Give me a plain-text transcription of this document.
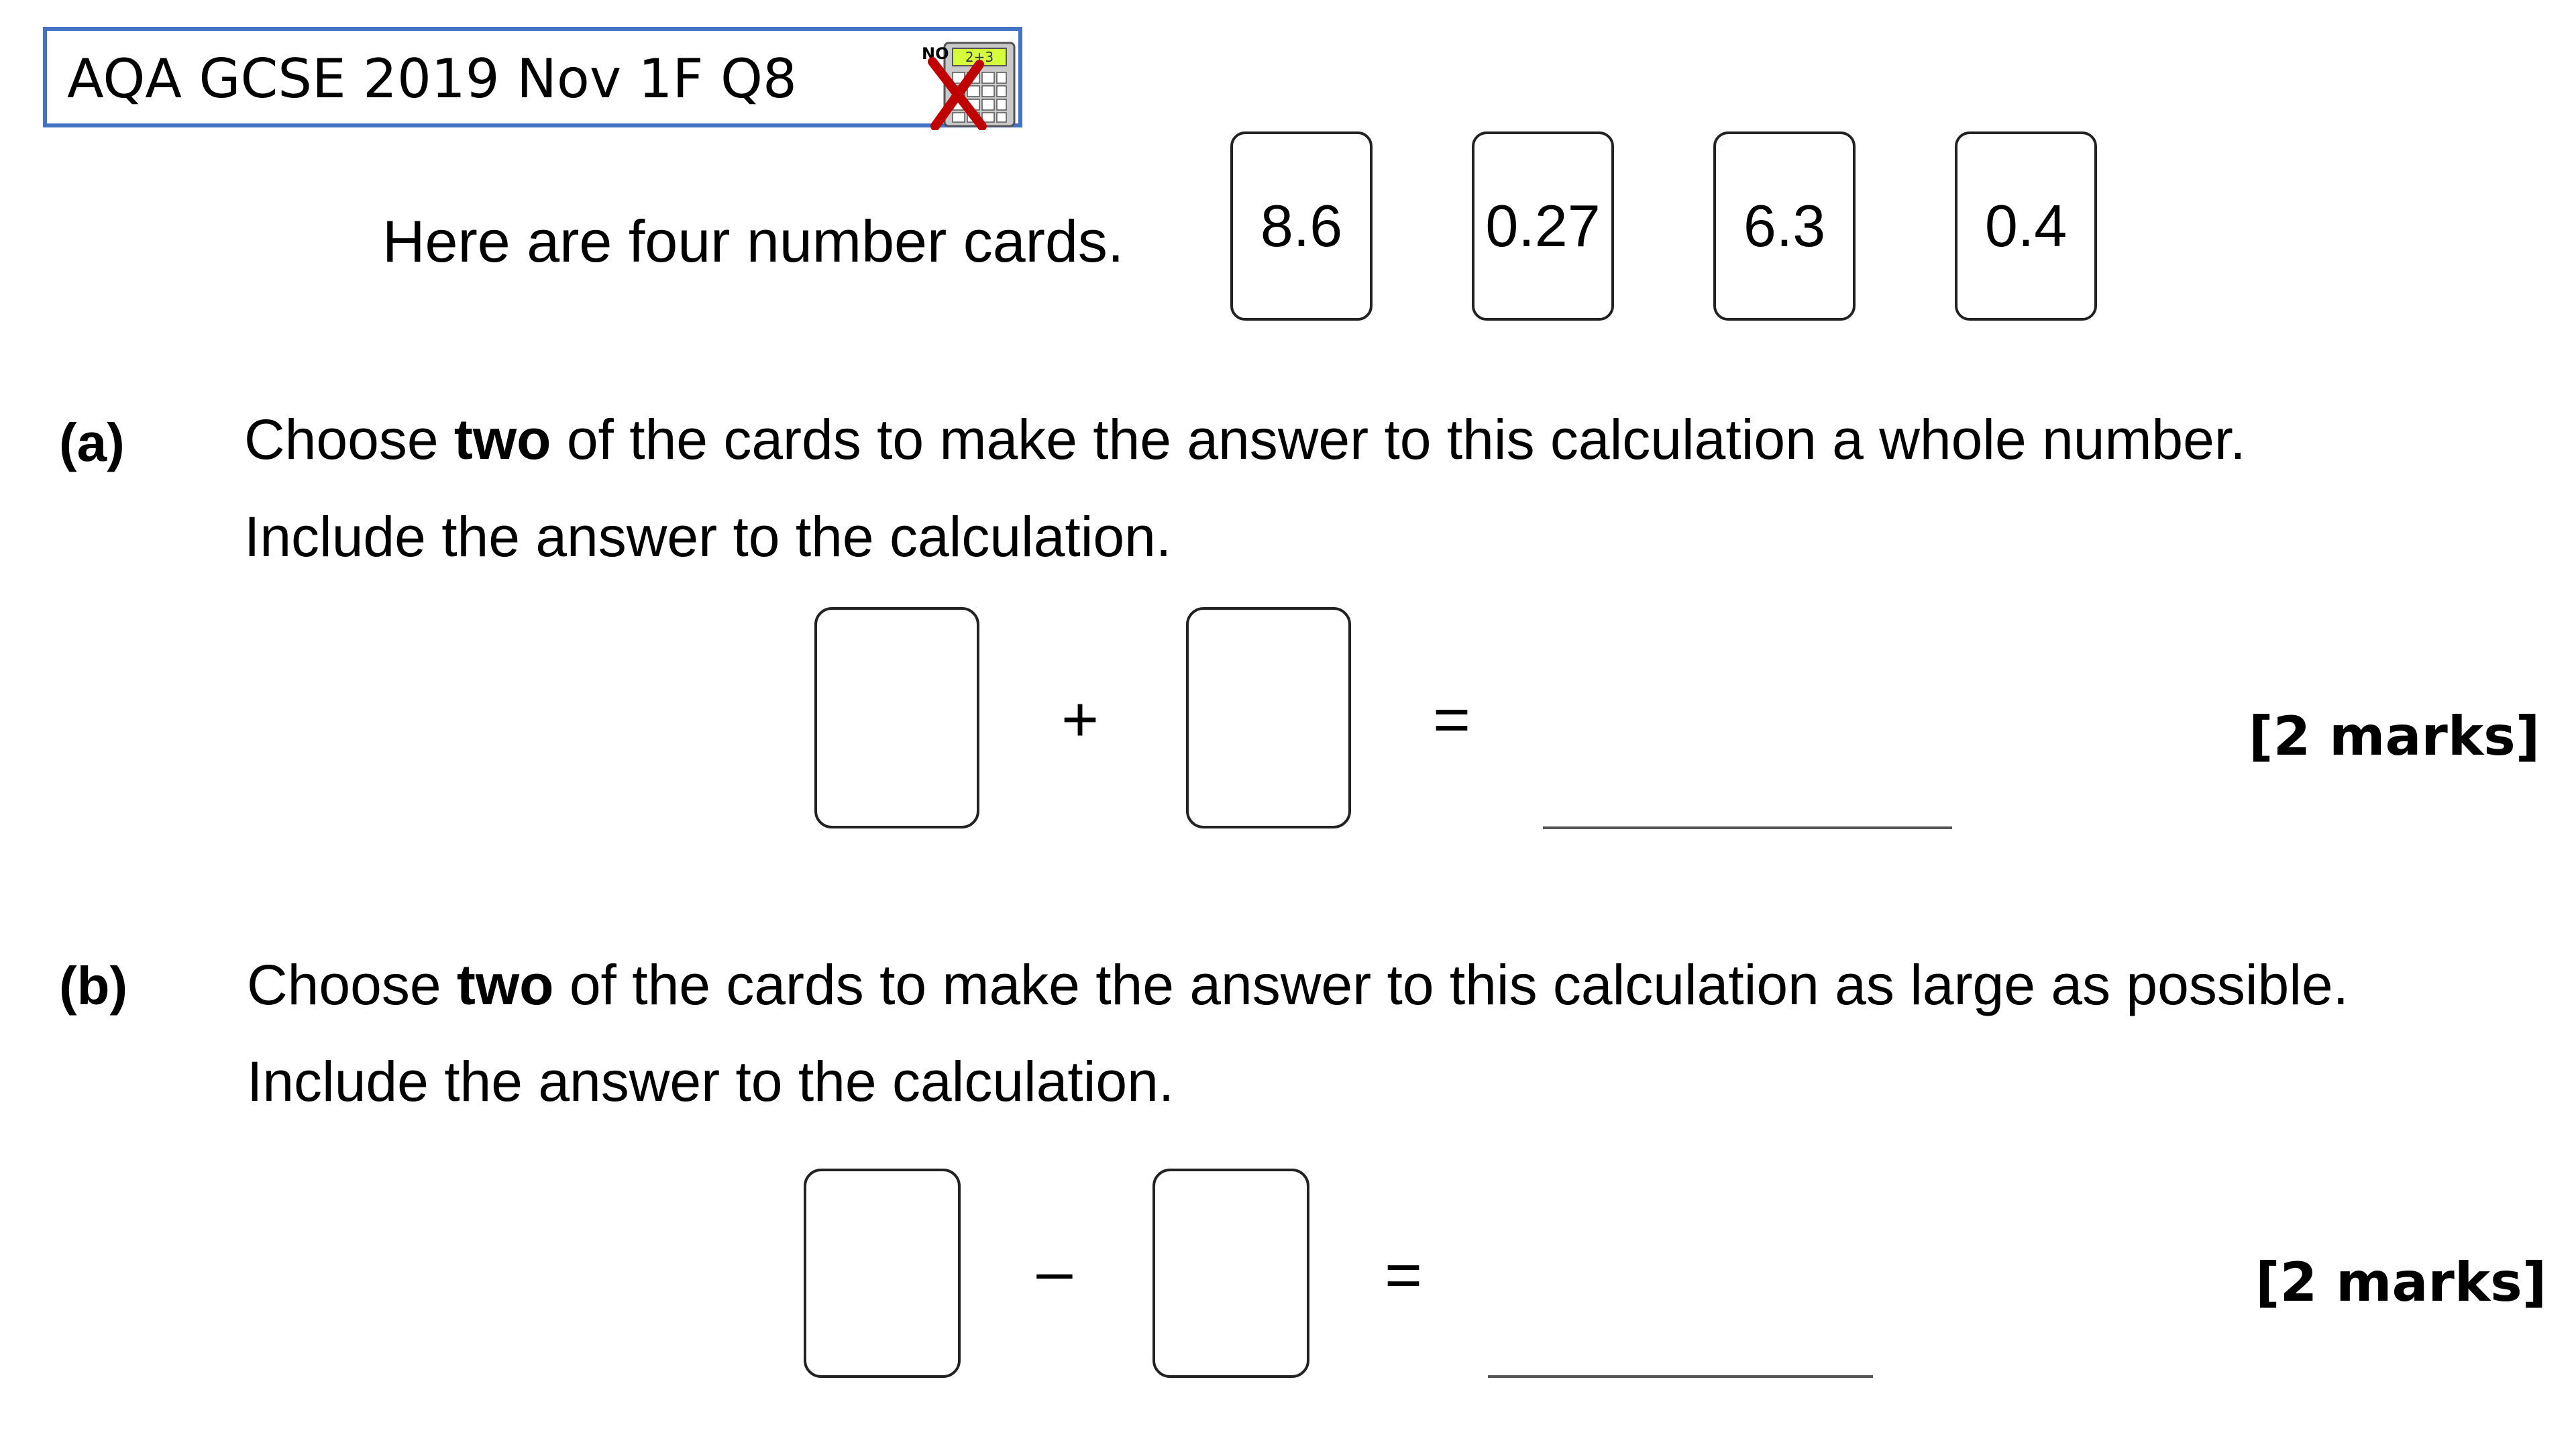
AQA GCSE 2019 Nov 1F Q8	2+3
NO
Here are four number cards.	8.6	0.27	6.3	0.4
(a) Choose two of the cards to make the answer to this calculation a whole number.
Include the answer to the calculation.
+	=	[2 marks]
(b) Choose two of the cards to make the answer to this calculation as large as possible.
Include the answer to the calculation.
–	=	[2 marks]
